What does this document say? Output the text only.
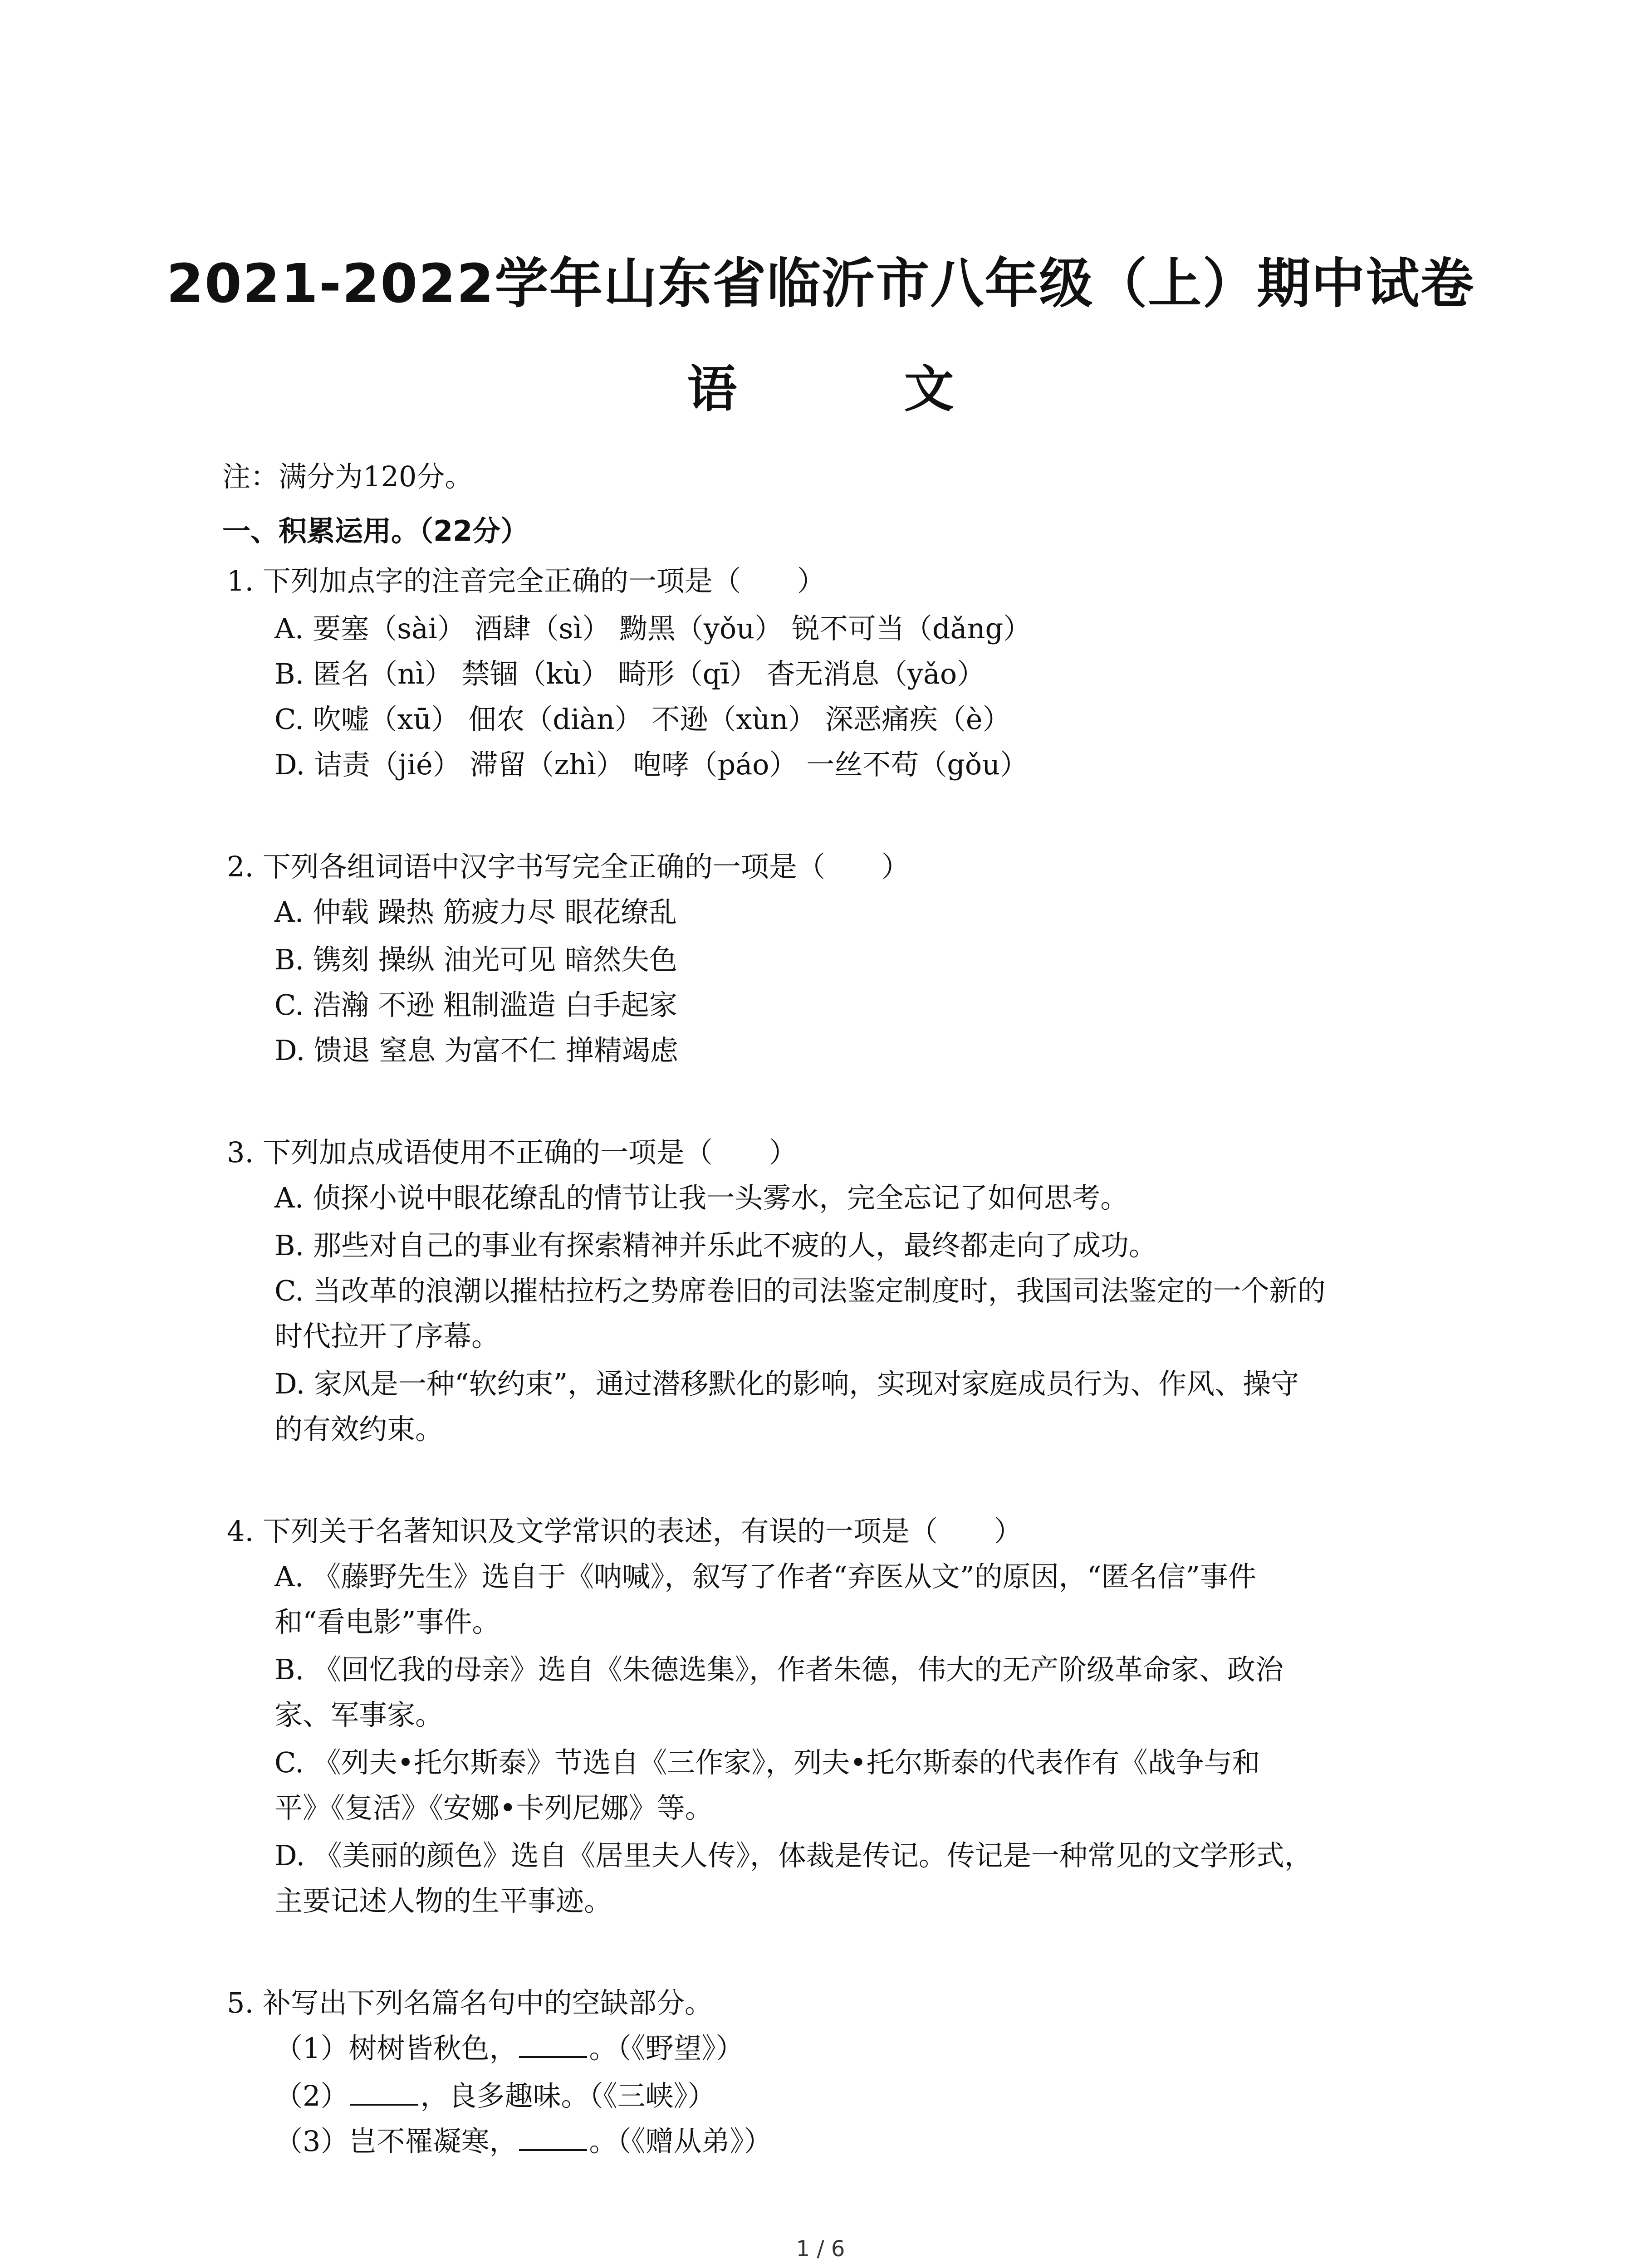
2021-2022学年山东省临沂市八年级（上）期中试卷
语 文
注：满分为120分。
一、积累运用。（22分）
1. 下列加点字的注音完全正确的一项是（　　）
A. 要塞（sài） 酒肆（sì） 黝黑（yǒu） 锐不可当（dǎng）
B. 匿名（nì） 禁锢（kù） 畸形（qī） 杳无消息（yǎo）
C. 吹嘘（xū） 佃农（diàn） 不逊（xùn） 深恶痛疾（è）
D. 诘责（jié） 滞留（zhì） 咆哮（páo） 一丝不苟（gǒu）
2. 下列各组词语中汉字书写完全正确的一项是（　　）
A. 仲载 躁热 筋疲力尽 眼花缭乱
B. 镌刻 操纵 油光可见 暗然失色
C. 浩瀚 不逊 粗制滥造 白手起家
D. 馈退 窒息 为富不仁 掸精竭虑
3. 下列加点成语使用不正确的一项是（　　）
A. 侦探小说中眼花缭乱的情节让我一头雾水，完全忘记了如何思考。
B. 那些对自己的事业有探索精神并乐此不疲的人，最终都走向了成功。
C. 当改革的浪潮以摧枯拉朽之势席卷旧的司法鉴定制度时，我国司法鉴定的一个新的
时代拉开了序幕。
D. 家风是一种“软约束”，通过潜移默化的影响，实现对家庭成员行为、作风、操守
的有效约束。
4. 下列关于名著知识及文学常识的表述，有误的一项是（　　）
A. 《藤野先生》选自于《呐喊》，叙写了作者“弃医从文”的原因，“匿名信”事件
和“看电影”事件。
B. 《回忆我的母亲》选自《朱德选集》，作者朱德，伟大的无产阶级革命家、政治
家、军事家。
C. 《列夫•托尔斯泰》节选自《三作家》，列夫•托尔斯泰的代表作有《战争与和
平》《复活》《安娜•卡列尼娜》等。
D. 《美丽的颜色》选自《居里夫人传》，体裁是传记。传记是一种常见的文学形式，
主要记述人物的生平事迹。
5. 补写出下列名篇名句中的空缺部分。
（1）树树皆秋色，	。（《野望》）
（2）	，良多趣味。（《三峡》）
（3）岂不罹凝寒，	。（《赠从弟》）
1 / 6
